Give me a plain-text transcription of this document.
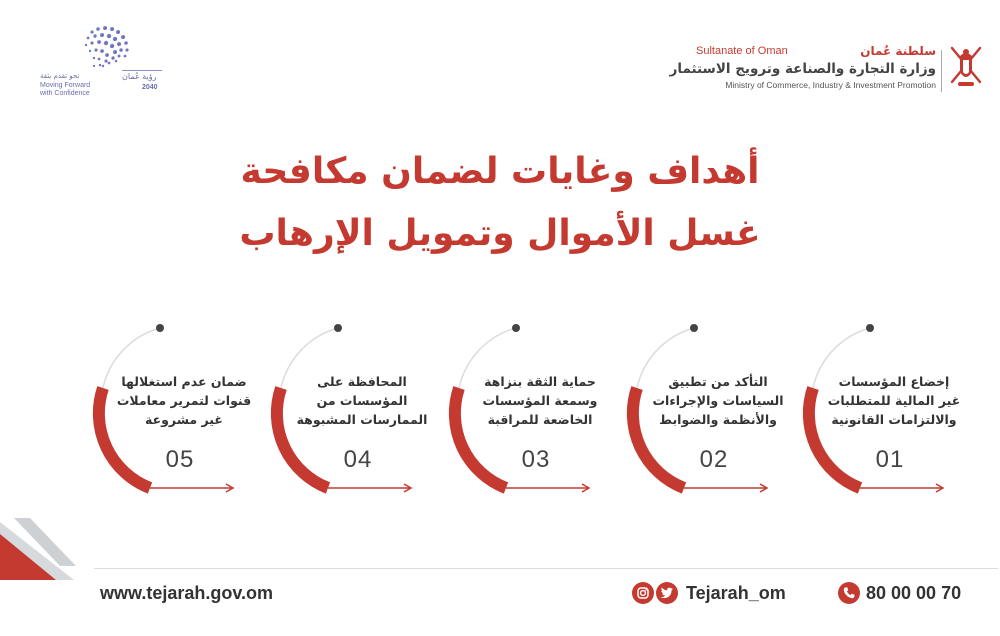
رؤية عُمان
2040
نحو تقدم بثقة
Moving Forward
with Confidence
سلطنة عُمان
Sultanate of Oman
وزارة التجارة والصناعة وترويج الاستثمار
Ministry of Commerce, Industry & Investment Promotion
أهداف وغايات لضمان مكافحة
غسل الأموال وتمويل الإرهاب
إخضاع المؤسسات
غير المالية للمتطلبات
والالتزامات القانونية
01
التأكد من تطبيق
السياسات والإجراءات
والأنظمة والضوابط
02
حماية الثقة بنزاهة
وسمعة المؤسسات
الخاضعة للمراقبة
03
المحافظة على
المؤسسات من
الممارسات المشبوهة
04
ضمان عدم استغلالها
قنوات لتمرير معاملات
غير مشروعة
05
www.tejarah.gov.om	Tejarah_om	80 00 00 70
